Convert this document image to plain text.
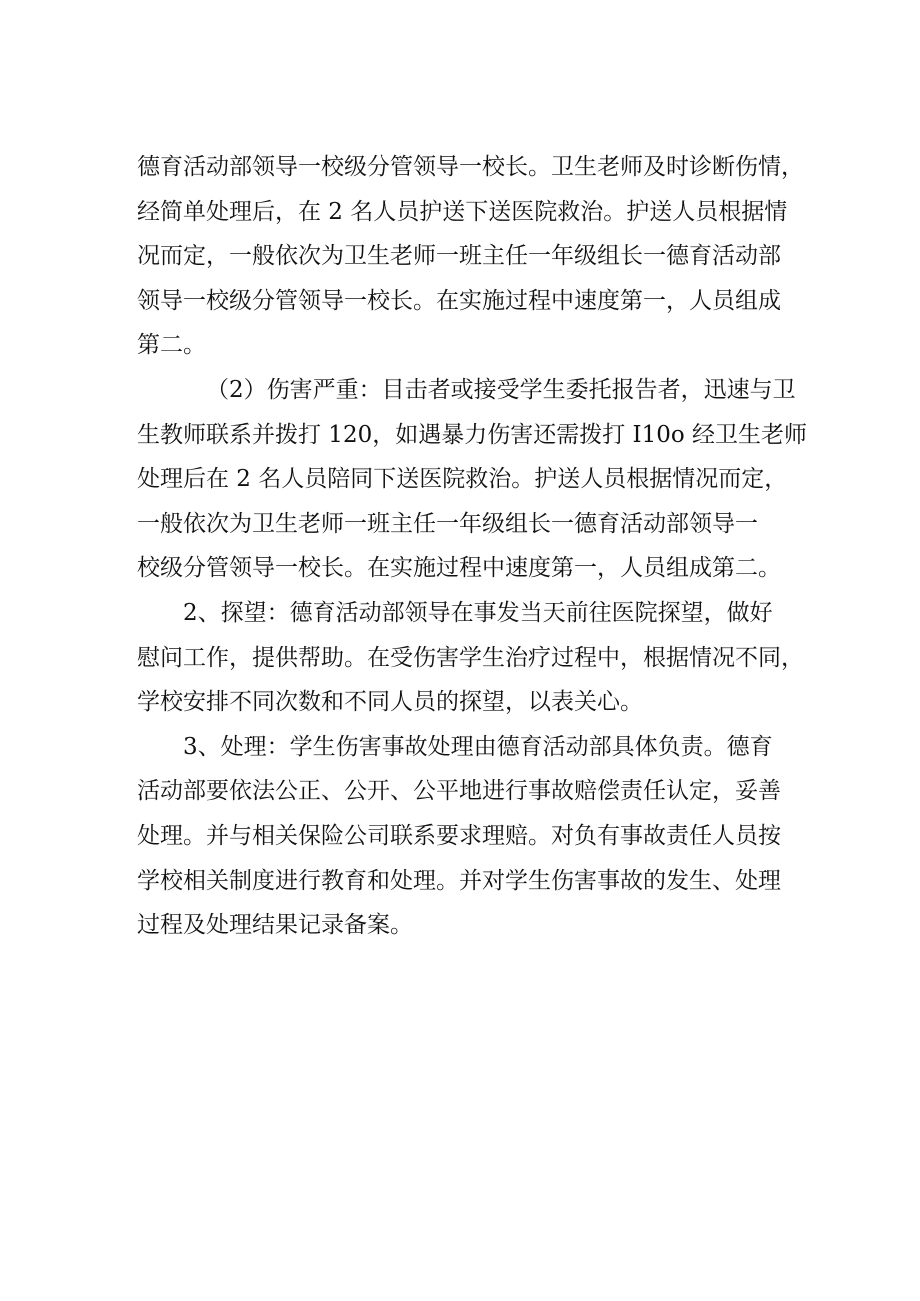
德育活动部领导一校级分管领导一校长。卫生老师及时诊断伤情，
经简单处理后，在 2 名人员护送下送医院救治。护送人员根据情
况而定，一般依次为卫生老师一班主任一年级组长一德育活动部
领导一校级分管领导一校长。在实施过程中速度第一，人员组成
第二。
（2）伤害严重：目击者或接受学生委托报告者，迅速与卫
生教师联系并拨打 120，如遇暴力伤害还需拨打 I10o 经卫生老师
处理后在 2 名人员陪同下送医院救治。护送人员根据情况而定，
一般依次为卫生老师一班主任一年级组长一德育活动部领导一
校级分管领导一校长。在实施过程中速度第一，人员组成第二。
2、探望：德育活动部领导在事发当天前往医院探望，做好
慰问工作，提供帮助。在受伤害学生治疗过程中，根据情况不同，
学校安排不同次数和不同人员的探望，以表关心。
3、处理：学生伤害事故处理由德育活动部具体负责。德育
活动部要依法公正、公开、公平地进行事故赔偿责任认定，妥善
处理。并与相关保险公司联系要求理赔。对负有事故责任人员按
学校相关制度进行教育和处理。并对学生伤害事故的发生、处理
过程及处理结果记录备案。
